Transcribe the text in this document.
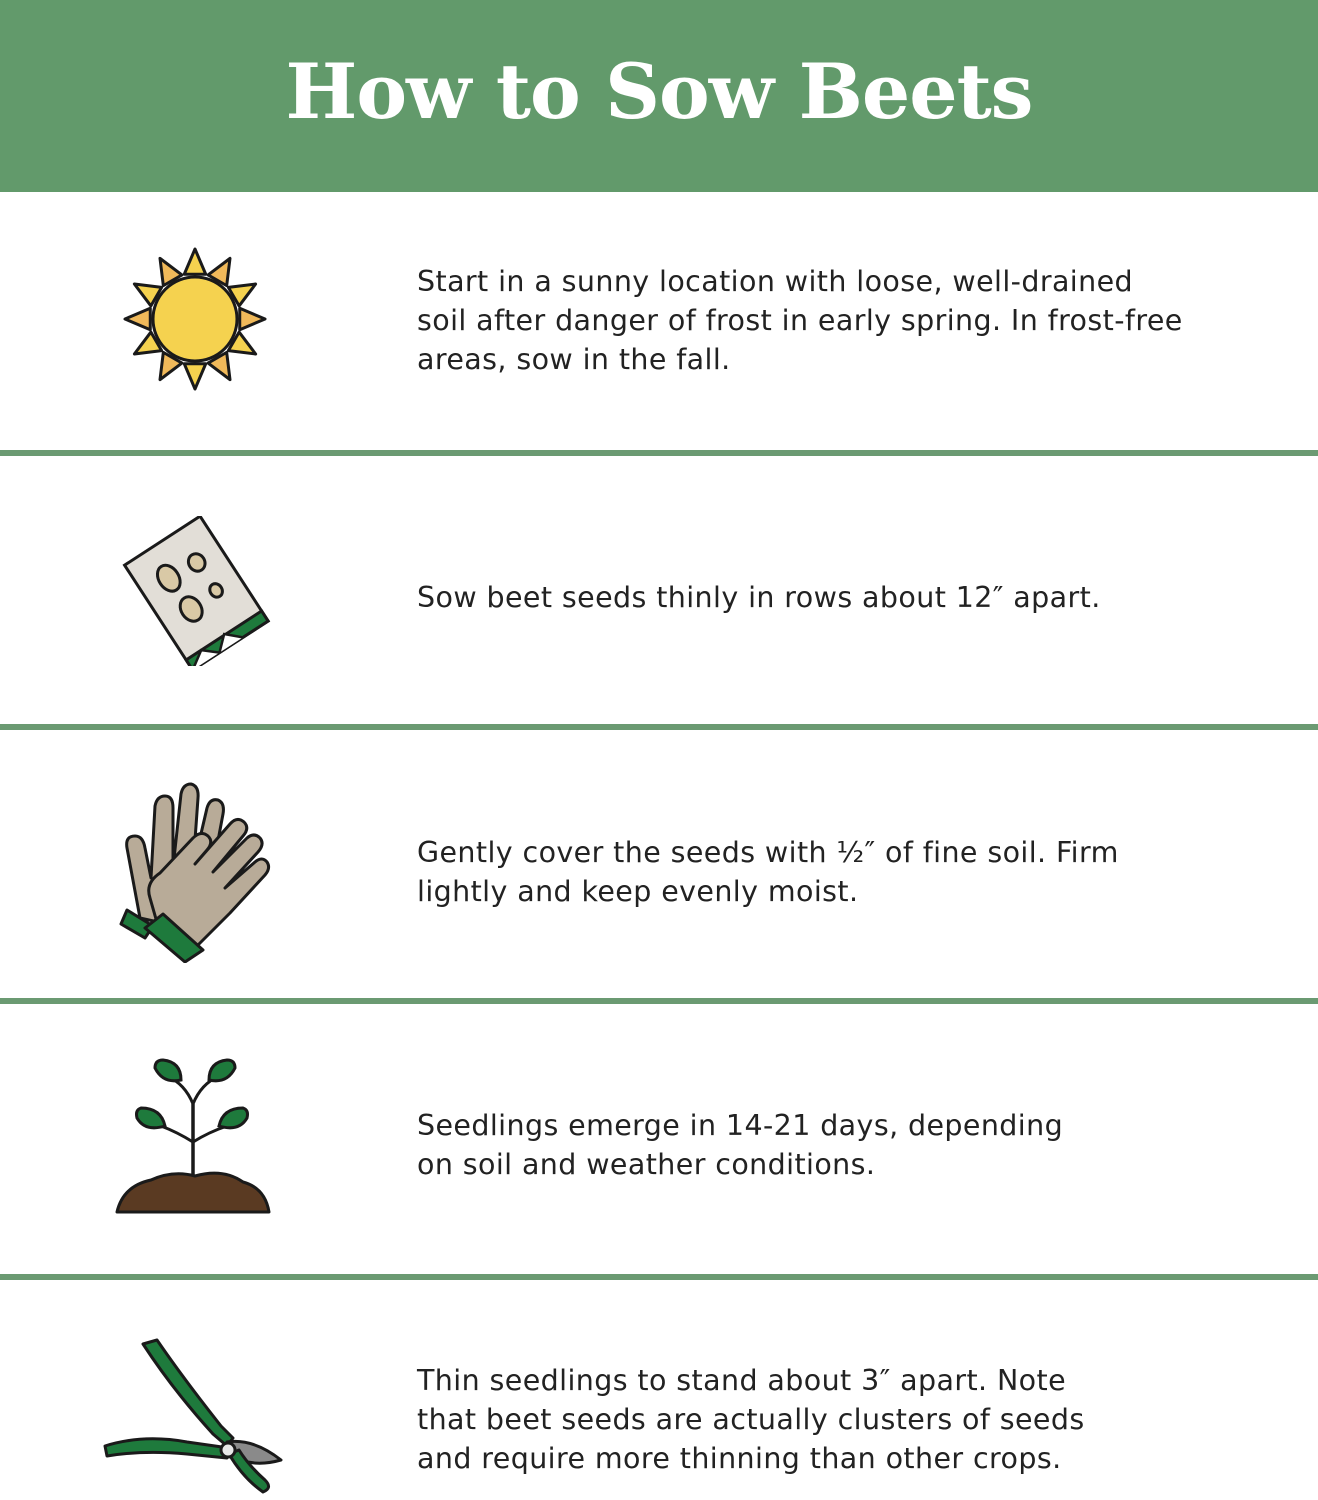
How to Sow Beets

Start in a sunny location with loose, well-drained

soil after danger of frost in early spring. In frost-free

areas, sow in the fall.

Sow beet seeds thinly in rows about 12″ apart.

Gently cover the seeds with ½″ of fine soil. Firm

lightly and keep evenly moist.

Seedlings emerge in 14-21 days, depending

on soil and weather conditions.

Thin seedlings to stand about 3″ apart. Note

that beet seeds are actually clusters of seeds

and require more thinning than other crops.
